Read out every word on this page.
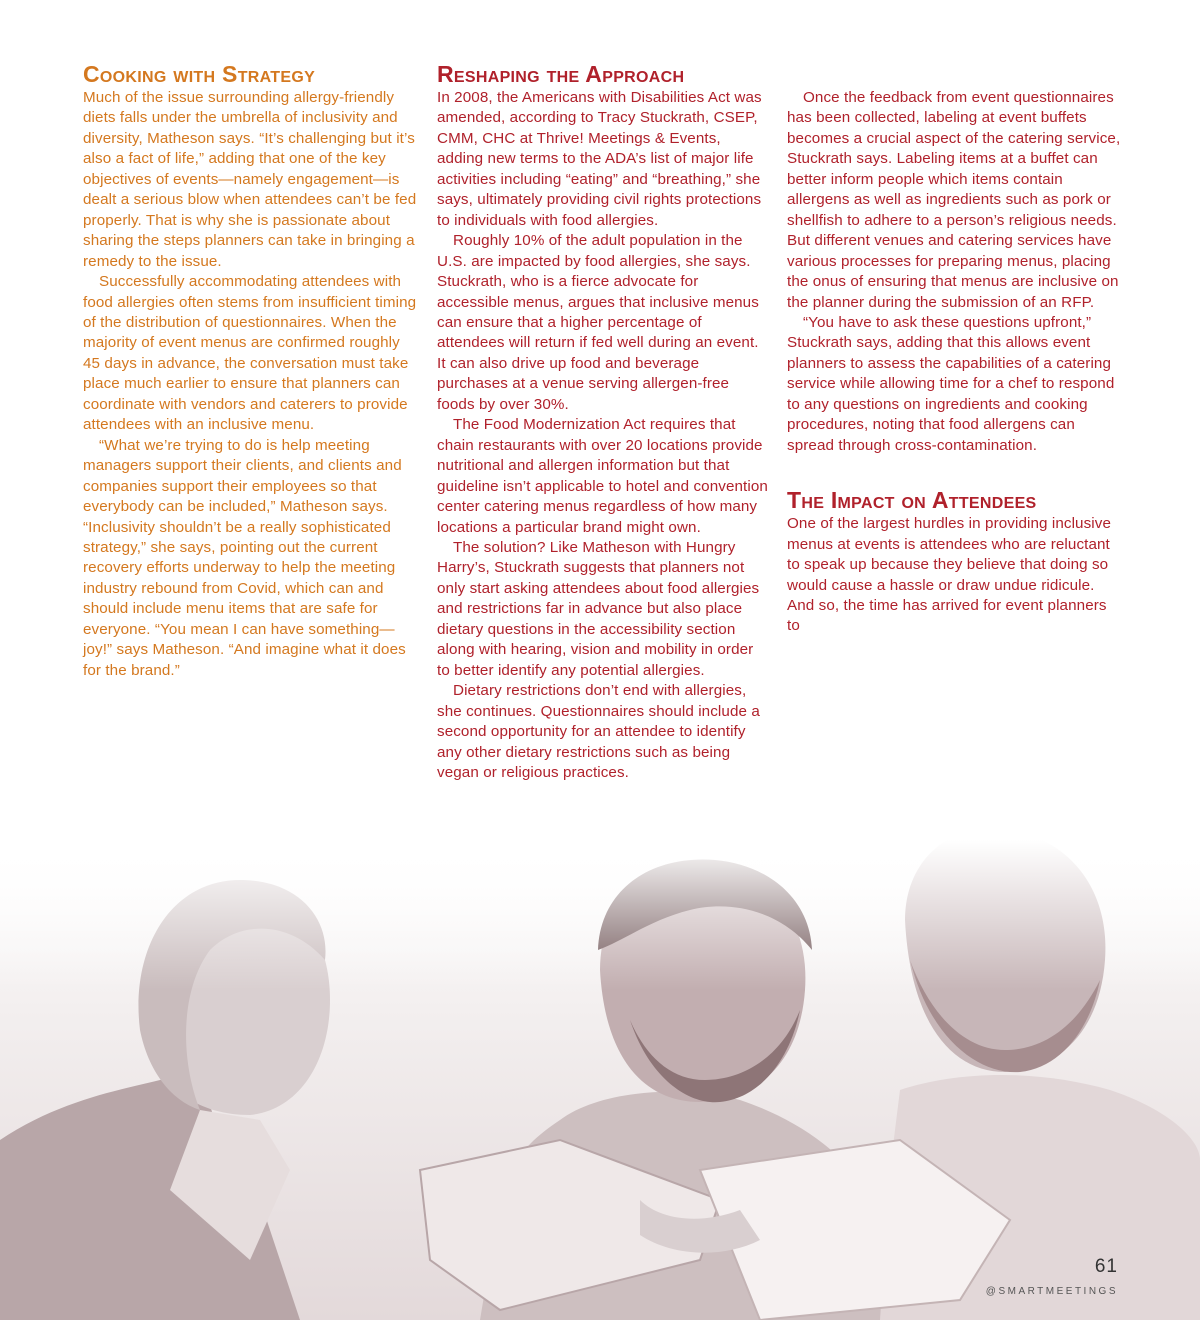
Cooking with Strategy

Much of the issue surrounding allergy-friendly diets falls under the umbrella of inclusivity and diversity, Matheson says. “It’s challenging but it’s also a fact of life,” adding that one of the key objectives of events—namely engagement—is dealt a serious blow when attendees can’t be fed properly. That is why she is passionate about sharing the steps planners can take in bringing a remedy to the issue.

Successfully accommodating attendees with food allergies often stems from insufficient timing of the distribution of questionnaires. When the majority of event menus are confirmed roughly 45 days in advance, the conversation must take place much earlier to ensure that planners can coordinate with vendors and caterers to provide attendees with an inclusive menu.

“What we’re trying to do is help meeting managers support their clients, and clients and companies support their employees so that everybody can be included,” Matheson says. “Inclusivity shouldn’t be a really sophisticated strategy,” she says, pointing out the current recovery efforts underway to help the meeting industry rebound from Covid, which can and should include menu items that are safe for everyone. “You mean I can have something—joy!” says Matheson. “And imagine what it does for the brand.”

Reshaping the Approach

In 2008, the Americans with Disabilities Act was amended, according to Tracy Stuckrath, CSEP, CMM, CHC at Thrive! Meetings & Events, adding new terms to the ADA’s list of major life activities including “eating” and “breathing,” she says, ultimately providing civil rights protections to individuals with food allergies.

Roughly 10% of the adult population in the U.S. are impacted by food allergies, she says. Stuckrath, who is a fierce advocate for accessible menus, argues that inclusive menus can ensure that a higher percentage of attendees will return if fed well during an event. It can also drive up food and beverage purchases at a venue serving allergen-free foods by over 30%.

The Food Modernization Act requires that chain restaurants with over 20 locations provide nutritional and allergen information but that guideline isn’t applicable to hotel and convention center catering menus regardless of how many locations a particular brand might own.

The solution? Like Matheson with Hungry Harry’s, Stuckrath suggests that planners not only start asking attendees about food allergies and restrictions far in advance but also place dietary questions in the accessibility section along with hearing, vision and mobility in order to better identify any potential allergies.

Dietary restrictions don’t end with allergies, she continues. Questionnaires should include a second opportunity for an attendee to identify any other dietary restrictions such as being vegan or religious practices.

Once the feedback from event questionnaires has been collected, labeling at event buffets becomes a crucial aspect of the catering service, Stuckrath says. Labeling items at a buffet can better inform people which items contain allergens as well as ingredients such as pork or shellfish to adhere to a person’s religious needs. But different venues and catering services have various processes for preparing menus, placing the onus of ensuring that menus are inclusive on the planner during the submission of an RFP.

“You have to ask these questions upfront,” Stuckrath says, adding that this allows event planners to assess the capabilities of a catering service while allowing time for a chef to respond to any questions on ingredients and cooking procedures, noting that food allergens can spread through cross-contamination.

The Impact on Attendees

One of the largest hurdles in providing inclusive menus at events is attendees who are reluctant to speak up because they believe that doing so would cause a hassle or draw undue ridicule. And so, the time has arrived for event planners to

61
@SMARTMEETINGS
